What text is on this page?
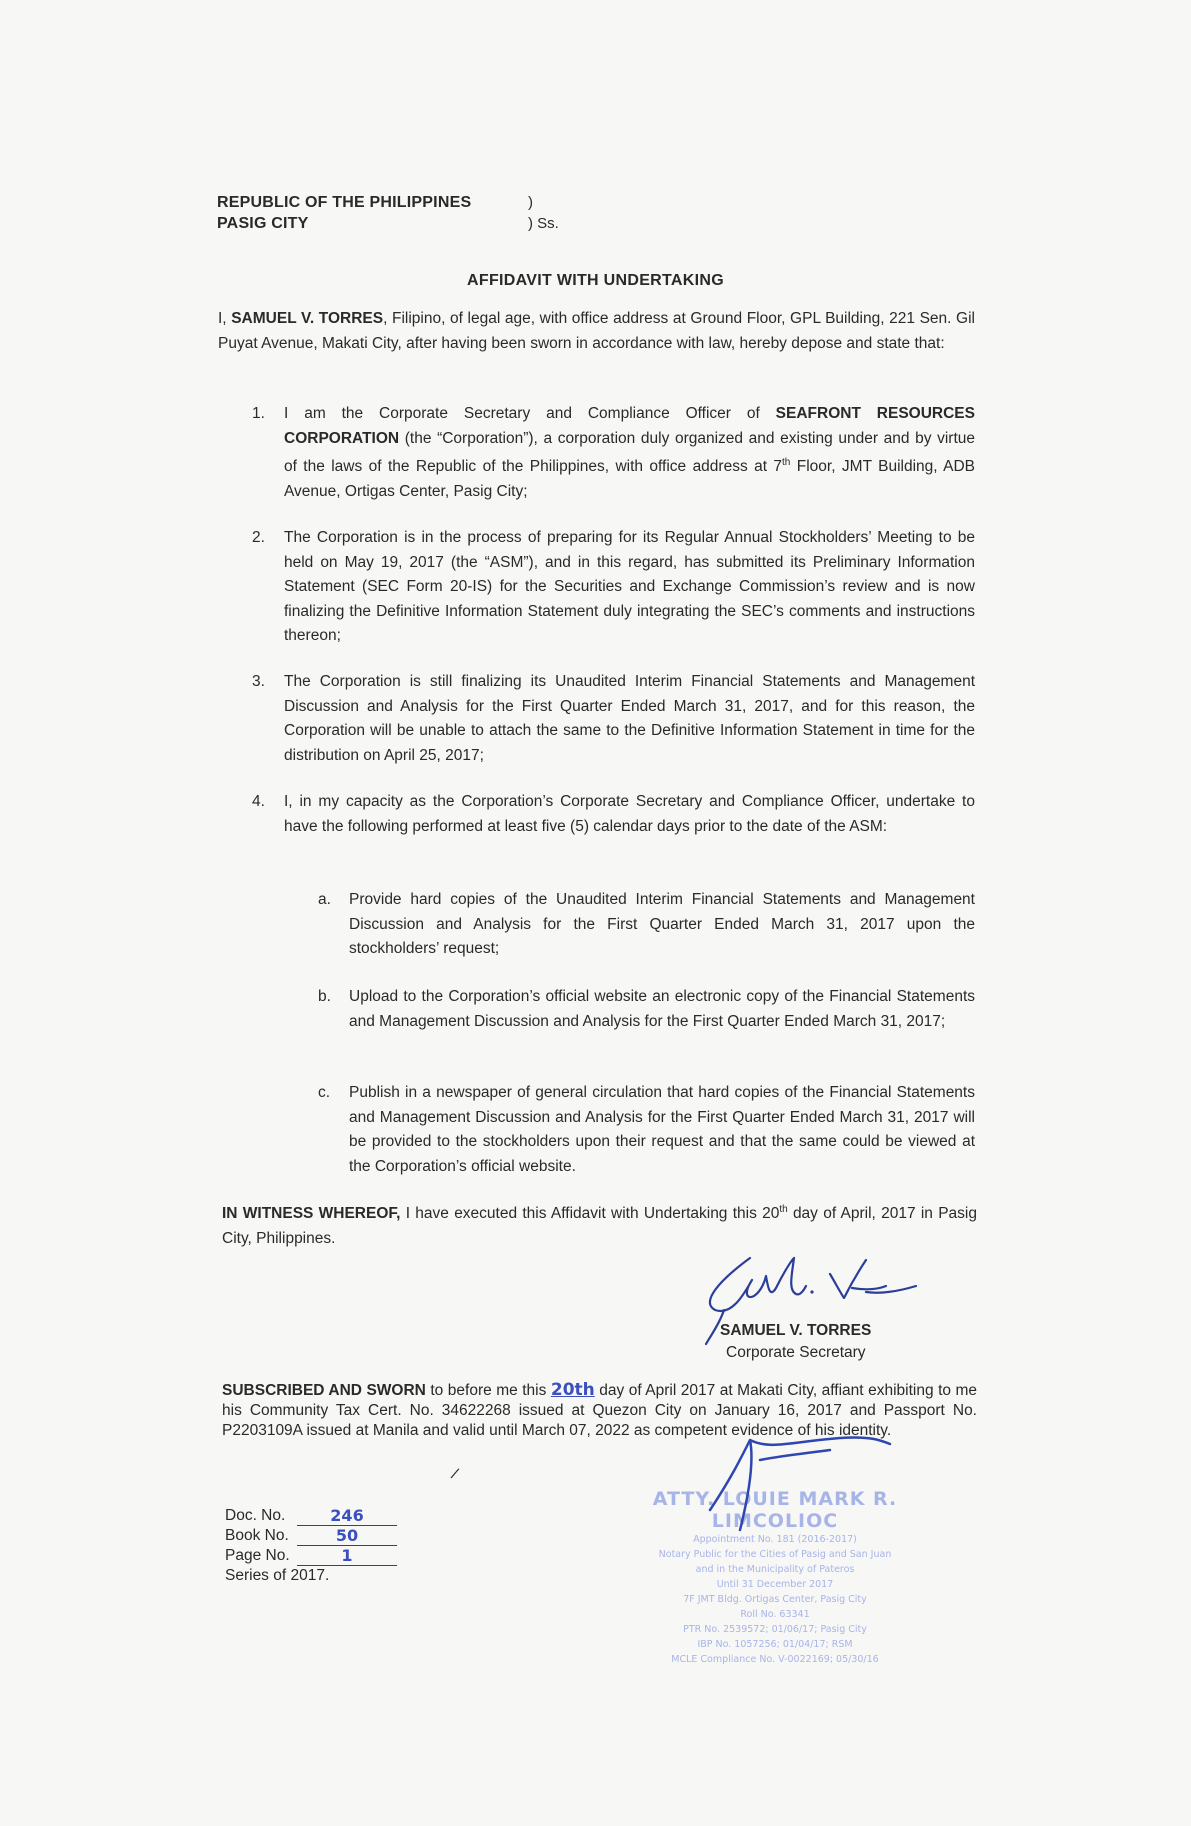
REPUBLIC OF THE PHILIPPINES
PASIG CITY
)
) Ss.
AFFIDAVIT WITH UNDERTAKING
I, SAMUEL V. TORRES, Filipino, of legal age, with office address at Ground Floor, GPL Building, 221 Sen. Gil Puyat Avenue, Makati City, after having been sworn in accordance with law, hereby depose and state that:
1. I am the Corporate Secretary and Compliance Officer of SEAFRONT RESOURCES CORPORATION (the “Corporation”), a corporation duly organized and existing under and by virtue of the laws of the Republic of the Philippines, with office address at 7th Floor, JMT Building, ADB Avenue, Ortigas Center, Pasig City;
2. The Corporation is in the process of preparing for its Regular Annual Stockholders’ Meeting to be held on May 19, 2017 (the “ASM”), and in this regard, has submitted its Preliminary Information Statement (SEC Form 20-IS) for the Securities and Exchange Commission’s review and is now finalizing the Definitive Information Statement duly integrating the SEC’s comments and instructions thereon;
3. The Corporation is still finalizing its Unaudited Interim Financial Statements and Management Discussion and Analysis for the First Quarter Ended March 31, 2017, and for this reason, the Corporation will be unable to attach the same to the Definitive Information Statement in time for the distribution on April 25, 2017;
4. I, in my capacity as the Corporation’s Corporate Secretary and Compliance Officer, undertake to have the following performed at least five (5) calendar days prior to the date of the ASM:
a. Provide hard copies of the Unaudited Interim Financial Statements and Management Discussion and Analysis for the First Quarter Ended March 31, 2017 upon the stockholders’ request;
b. Upload to the Corporation’s official website an electronic copy of the Financial Statements and Management Discussion and Analysis for the First Quarter Ended March 31, 2017;
c. Publish in a newspaper of general circulation that hard copies of the Financial Statements and Management Discussion and Analysis for the First Quarter Ended March 31, 2017 will be provided to the stockholders upon their request and that the same could be viewed at the Corporation’s official website.
IN WITNESS WHEREOF, I have executed this Affidavit with Undertaking this 20th day of April, 2017 in Pasig City, Philippines.
SAMUEL V. TORRES
Corporate Secretary
SUBSCRIBED AND SWORN to before me this 20th day of April 2017 at Makati City, affiant exhibiting to me his Community Tax Cert. No. 34622268 issued at Quezon City on January 16, 2017 and Passport No. P2203109A issued at Manila and valid until March 07, 2022 as competent evidence of his identity.
/
Doc. No.	246
Book No.	50
Page No.	1
Series of 2017.
ATTY. LOUIE MARK R. LIMCOLIOC
Appointment No. 181 (2016-2017)
Notary Public for the Cities of Pasig and San Juan
and in the Municipality of Pateros
Until 31 December 2017
7F JMT Bldg. Ortigas Center, Pasig City
Roll No. 63341
PTR No. 2539572; 01/06/17; Pasig City
IBP No. 1057256; 01/04/17; RSM
MCLE Compliance No. V-0022169; 05/30/16
